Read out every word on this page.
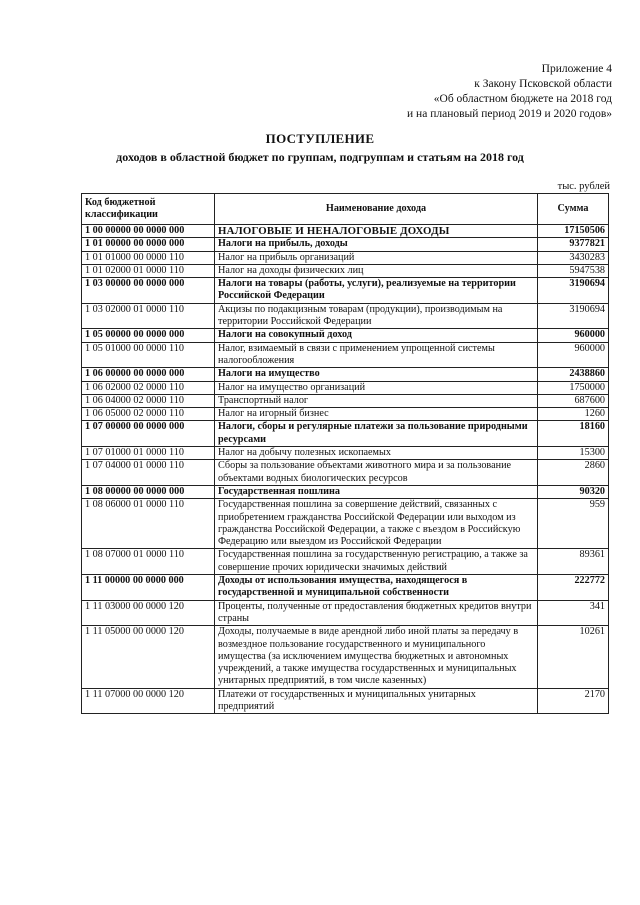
Приложение 4
к Закону Псковской области
«Об областном бюджете на 2018 год
и на плановый период 2019 и 2020 годов»
ПОСТУПЛЕНИЕ
доходов в областной бюджет по группам, подгруппам и статьям на 2018 год
тыс. рублей
Код бюджетной классификации	Наименование дохода	Сумма
1 00 00000 00 0000 000	НАЛОГОВЫЕ И НЕНАЛОГОВЫЕ ДОХОДЫ	17150506
1 01 00000 00 0000 000	Налоги на прибыль, доходы	9377821
1 01 01000 00 0000 110	Налог на прибыль организаций	3430283
1 01 02000 01 0000 110	Налог на доходы физических лиц	5947538
1 03 00000 00 0000 000	Налоги на товары (работы, услуги), реализуемые на территории Российской Федерации	3190694
1 03 02000 01 0000 110	Акцизы по подакцизным товарам (продукции), производимым на территории Российской Федерации	3190694
1 05 00000 00 0000 000	Налоги на совокупный доход	960000
1 05 01000 00 0000 110	Налог, взимаемый в связи с применением упрощенной системы налогообложения	960000
1 06 00000 00 0000 000	Налоги на имущество	2438860
1 06 02000 02 0000 110	Налог на имущество организаций	1750000
1 06 04000 02 0000 110	Транспортный налог	687600
1 06 05000 02 0000 110	Налог на игорный бизнес	1260
1 07 00000 00 0000 000	Налоги, сборы и регулярные платежи за пользование природными ресурсами	18160
1 07 01000 01 0000 110	Налог на добычу полезных ископаемых	15300
1 07 04000 01 0000 110	Сборы за пользование объектами животного мира и за пользование объектами водных биологических ресурсов	2860
1 08 00000 00 0000 000	Государственная пошлина	90320
1 08 06000 01 0000 110	Государственная пошлина за совершение действий, связанных с приобретением гражданства Российской Федерации или выходом из гражданства Российской Федерации, а также с въездом в Российскую Федерацию или выездом из Российской Федерации	959
1 08 07000 01 0000 110	Государственная пошлина за государственную регистрацию, а также за совершение прочих юридически значимых действий	89361
1 11 00000 00 0000 000	Доходы от использования имущества, находящегося в государственной и муниципальной собственности	222772
1 11 03000 00 0000 120	Проценты, полученные от предоставления бюджетных кредитов внутри страны	341
1 11 05000 00 0000 120	Доходы, получаемые в виде арендной либо иной платы за передачу в возмездное пользование государственного и муниципального имущества (за исключением имущества бюджетных и автономных учреждений, а также имущества государственных и муниципальных унитарных предприятий, в том числе казенных)	10261
1 11 07000 00 0000 120	Платежи от государственных и муниципальных унитарных предприятий	2170
